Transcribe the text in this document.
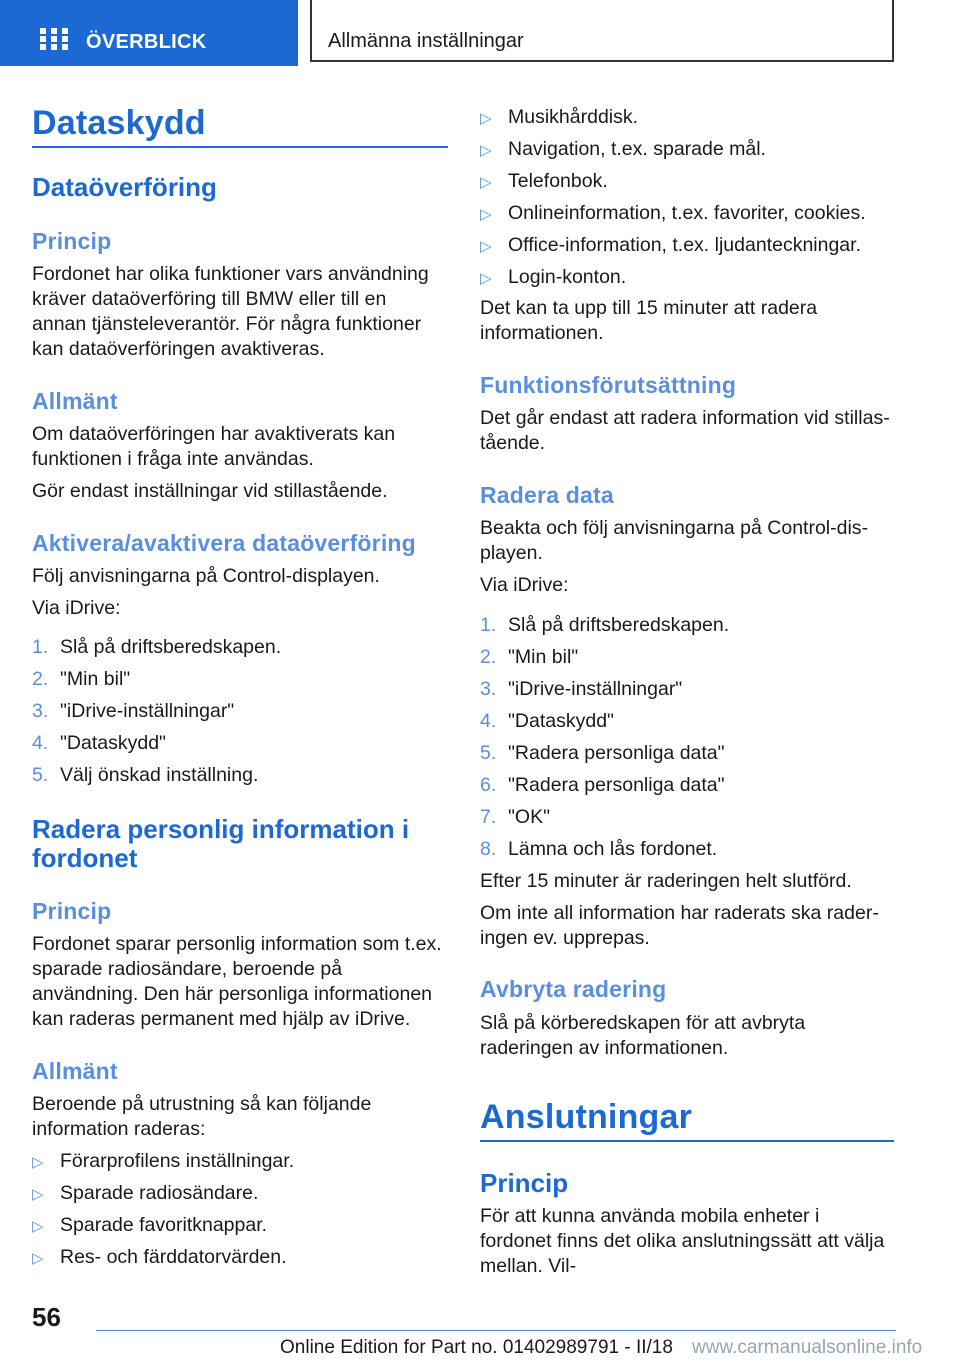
ÖVERBLICK	Allmänna inställningar
Dataskydd
Dataöverföring
Princip
Fordonet har olika funktioner vars användning kräver dataöverföring till BMW eller till en annan tjänsteleverantör. För några funktioner kan dataöverföringen avaktiveras.
Allmänt
Om dataöverföringen har avaktiverats kan funktionen i fråga inte användas.
Gör endast inställningar vid stillastående.
Aktivera/avaktivera dataöverföring
Följ anvisningarna på Control-displayen.
Via iDrive:
1. Slå på driftsberedskapen.
2. "Min bil"
3. "iDrive-inställningar"
4. "Dataskydd"
5. Välj önskad inställning.
Radera personlig information i
fordonet
Princip
Fordonet sparar personlig information som t.ex. sparade radiosändare, beroende på användning. Den här personliga informationen kan raderas permanent med hjälp av iDrive.
Allmänt
Beroende på utrustning så kan följande information raderas:
▷ Förarprofilens inställningar.
▷ Sparade radiosändare.
▷ Sparade favoritknappar.
▷ Res- och färddatorvärden.
▷ Musikhårddisk.
▷ Navigation, t.ex. sparade mål.
▷ Telefonbok.
▷ Onlineinformation, t.ex. favoriter, cookies.
▷ Office-information, t.ex. ljudanteckningar.
▷ Login-konton.
Det kan ta upp till 15 minuter att radera informationen.
Funktionsförutsättning
Det går endast att radera information vid stillastående.
Radera data
Beakta och följ anvisningarna på Control-displayen.
Via iDrive:
1. Slå på driftsberedskapen.
2. "Min bil"
3. "iDrive-inställningar"
4. "Dataskydd"
5. "Radera personliga data"
6. "Radera personliga data"
7. "OK"
8. Lämna och lås fordonet.
Efter 15 minuter är raderingen helt slutförd.
Om inte all information har raderats ska raderingen ev. upprepas.
Avbryta radering
Slå på körberedskapen för att avbryta raderingen av informationen.
Anslutningar
Princip
För att kunna använda mobila enheter i fordonet finns det olika anslutningssätt att välja mellan. Vil-
56
Online Edition for Part no. 01402989791 - II/18 www.carmanualsonline.info
